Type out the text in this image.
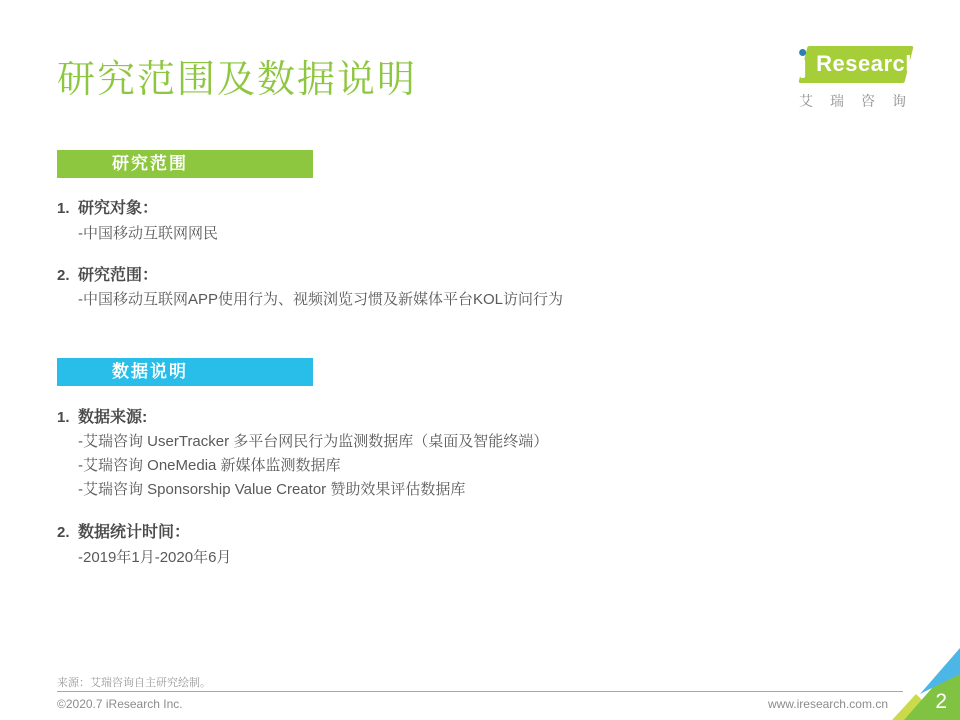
研究范围及数据说明	Research
艾瑞咨询
研究范围
1. 研究对象：
-中国移动互联网网民
2. 研究范围：
-中国移动互联网APP使用行为、视频浏览习惯及新媒体平台KOL访问行为
数据说明
1. 数据来源:
-艾瑞咨询 UserTracker 多平台网民行为监测数据库（桌面及智能终端）
-艾瑞咨询 OneMedia 新媒体监测数据库
-艾瑞咨询 Sponsorship Value Creator 赞助效果评估数据库
2. 数据统计时间：
-2019年1月-2020年6月
来源：艾瑞咨询自主研究绘制。
©2020.7 iResearch Inc.	www.iresearch.com.cn 2
